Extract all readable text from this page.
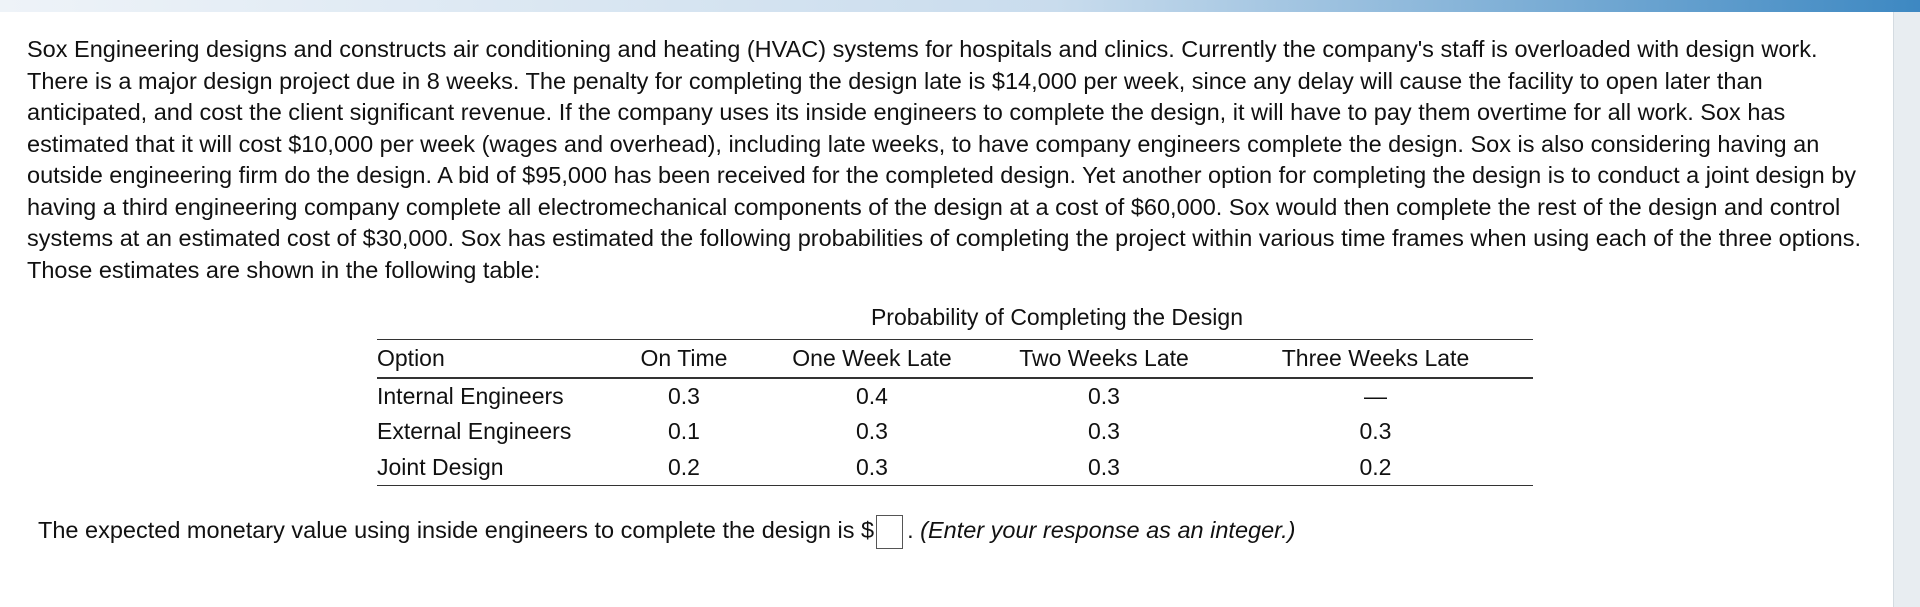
Sox Engineering designs and constructs air conditioning and heating (HVAC) systems for hospitals and clinics. Currently the company's staff is overloaded with design work. There is a major design project due in 8 weeks. The penalty for completing the design late is $14,000 per week, since any delay will cause the facility to open later than anticipated, and cost the client significant revenue. If the company uses its inside engineers to complete the design, it will have to pay them overtime for all work. Sox has estimated that it will cost $10,000 per week (wages and overhead), including late weeks, to have company engineers complete the design. Sox is also considering having an outside engineering firm do the design. A bid of $95,000 has been received for the completed design. Yet another option for completing the design is to conduct a joint design by having a third engineering company complete all electromechanical components of the design at a cost of $60,000. Sox would then complete the rest of the design and control systems at an estimated cost of $30,000. Sox has estimated the following probabilities of completing the project within various time frames when using each of the three options. Those estimates are shown in the following table:

Probability of Completing the Design
Option	On Time	One Week Late	Two Weeks Late	Three Weeks Late
Internal Engineers	0.3	0.4	0.3	—
External Engineers	0.1	0.3	0.3	0.3
Joint Design	0.2	0.3	0.3	0.2
The expected monetary value using inside engineers to complete the design is $ . (Enter your response as an integer.)
